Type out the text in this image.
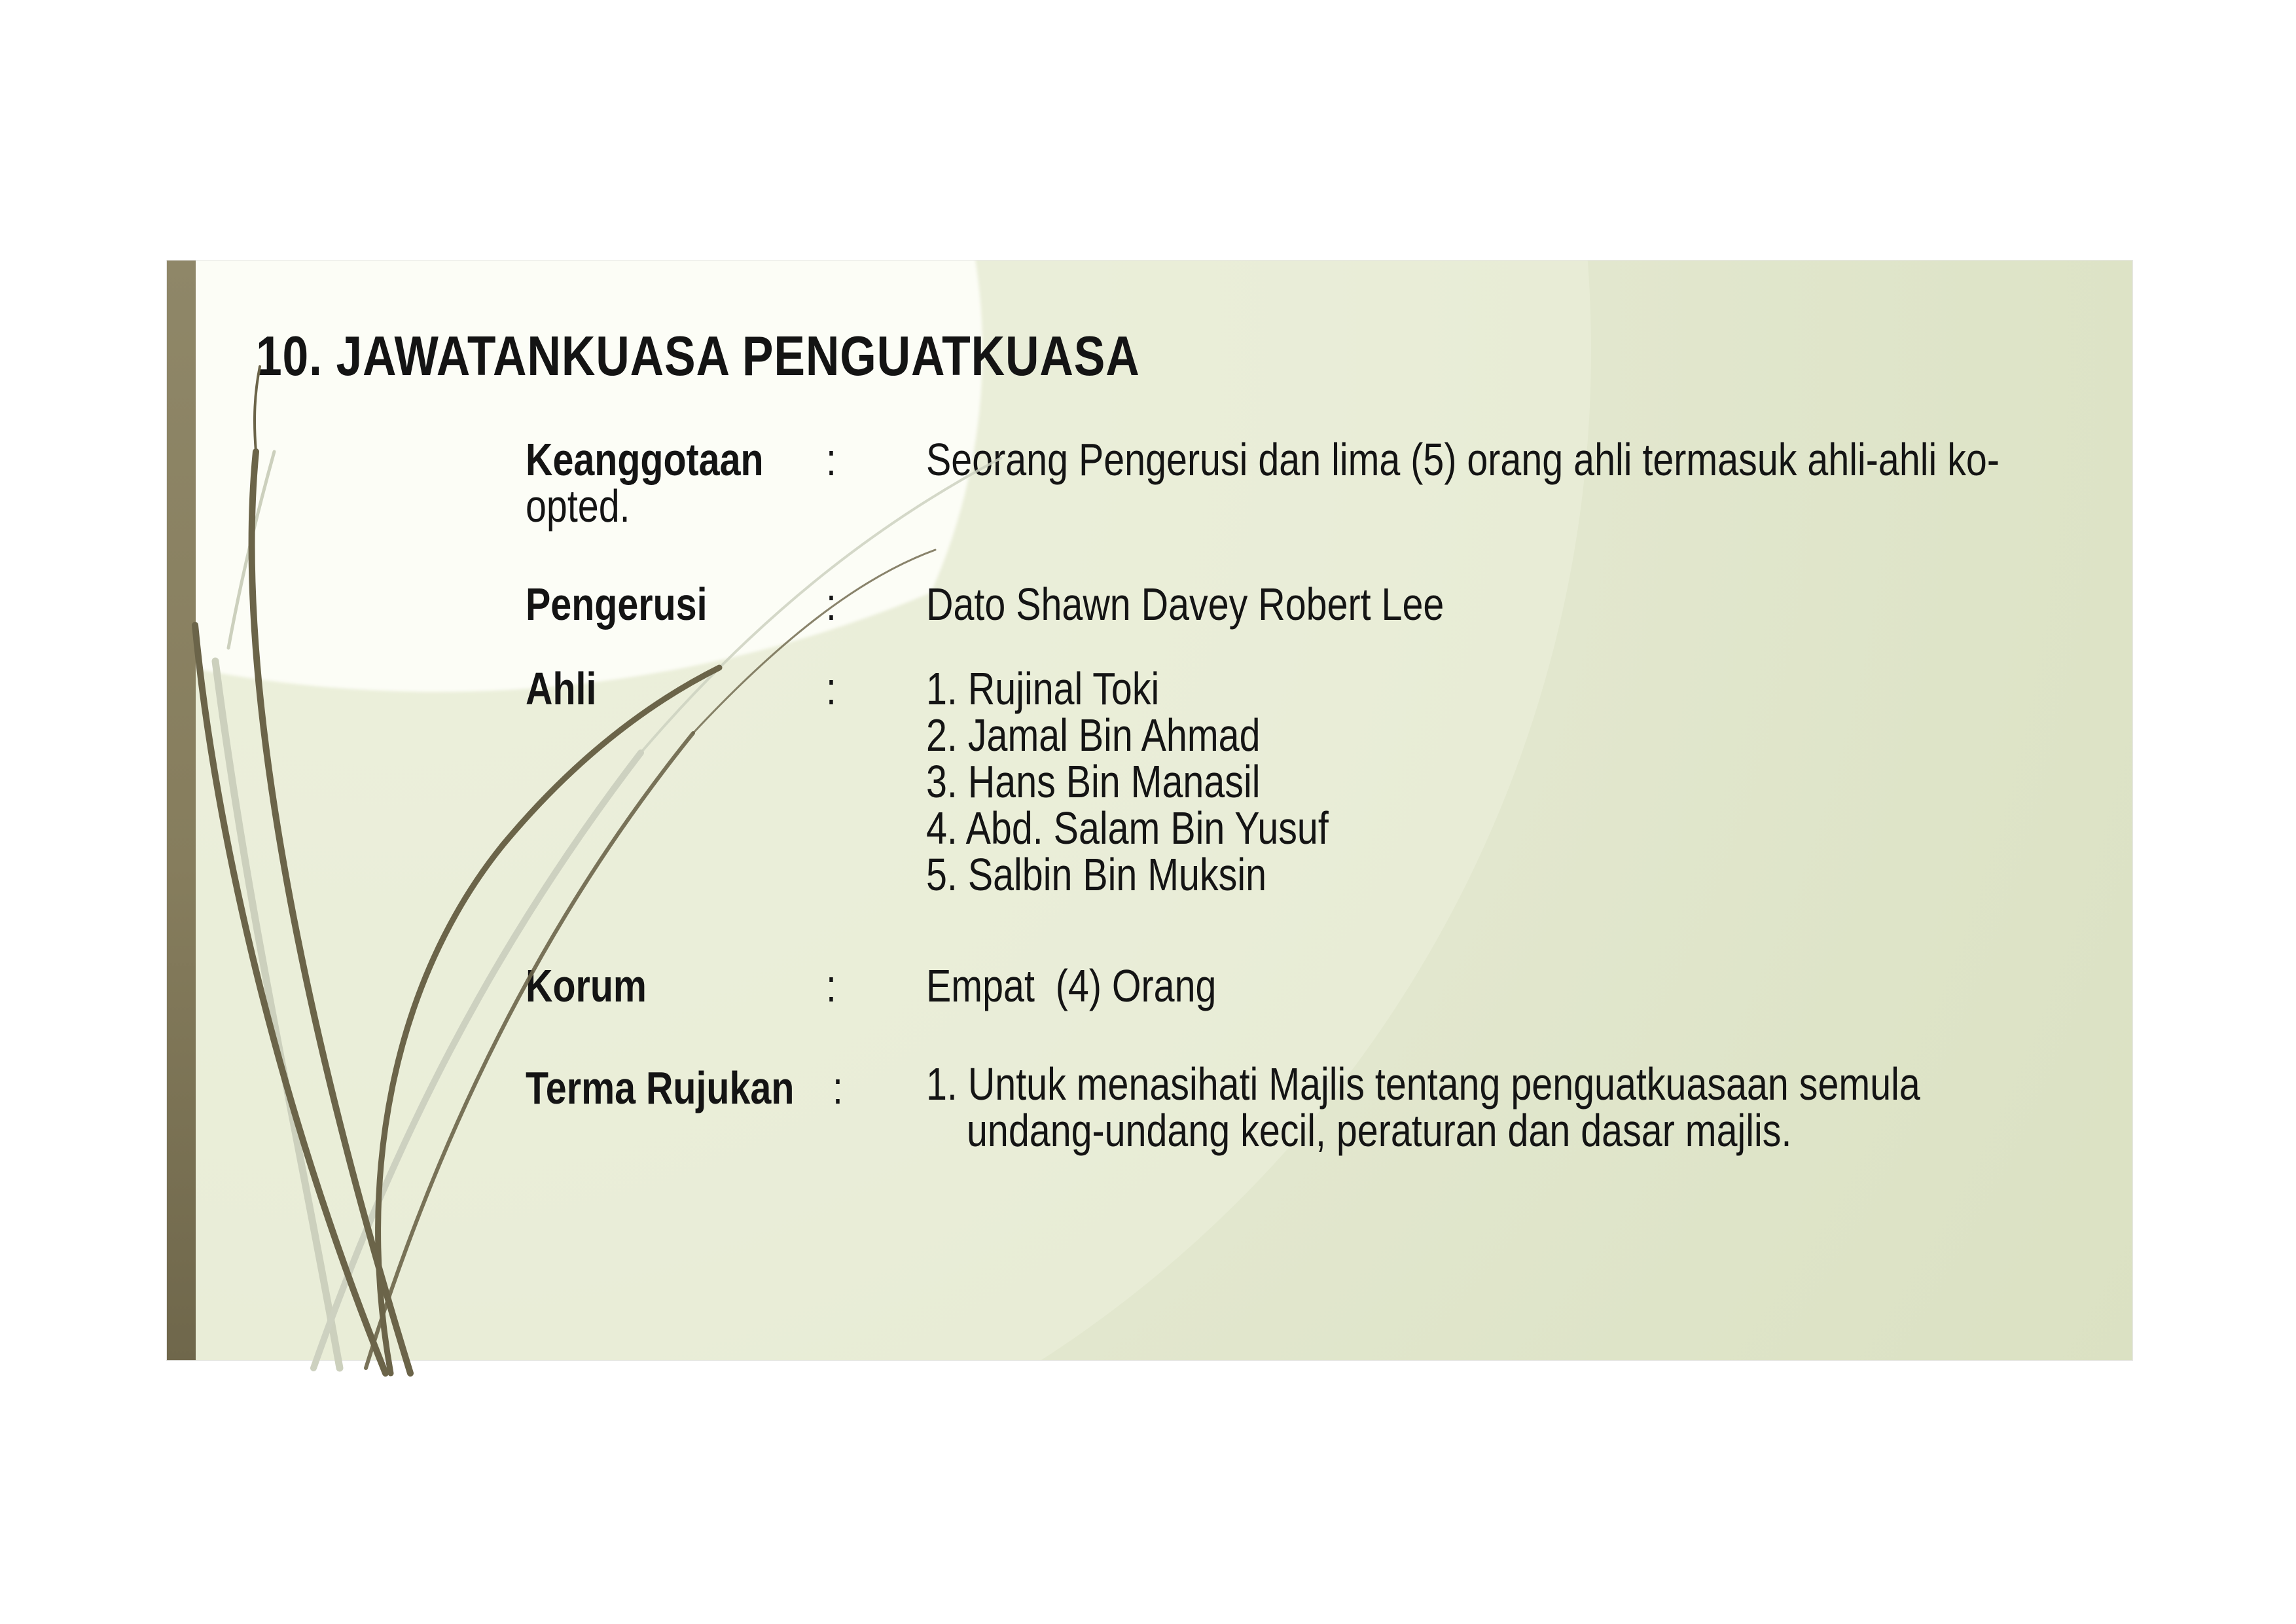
10. JAWATANKUASA PENGUATKUASA
Keanggotaan	: Seorang Pengerusi dan lima (5) orang ahli termasuk ahli-ahli ko-
opted.
Pengerusi	: Dato Shawn Davey Robert Lee
Ahli	: 1. Rujinal Toki
2. Jamal Bin Ahmad
3. Hans Bin Manasil
4. Abd. Salam Bin Yusuf
5. Salbin Bin Muksin
Korum	: Empat  (4) Orang
Terma Rujukan : 1. Untuk menasihati Majlis tentang penguatkuasaan semula
undang-undang kecil, peraturan dan dasar majlis.
